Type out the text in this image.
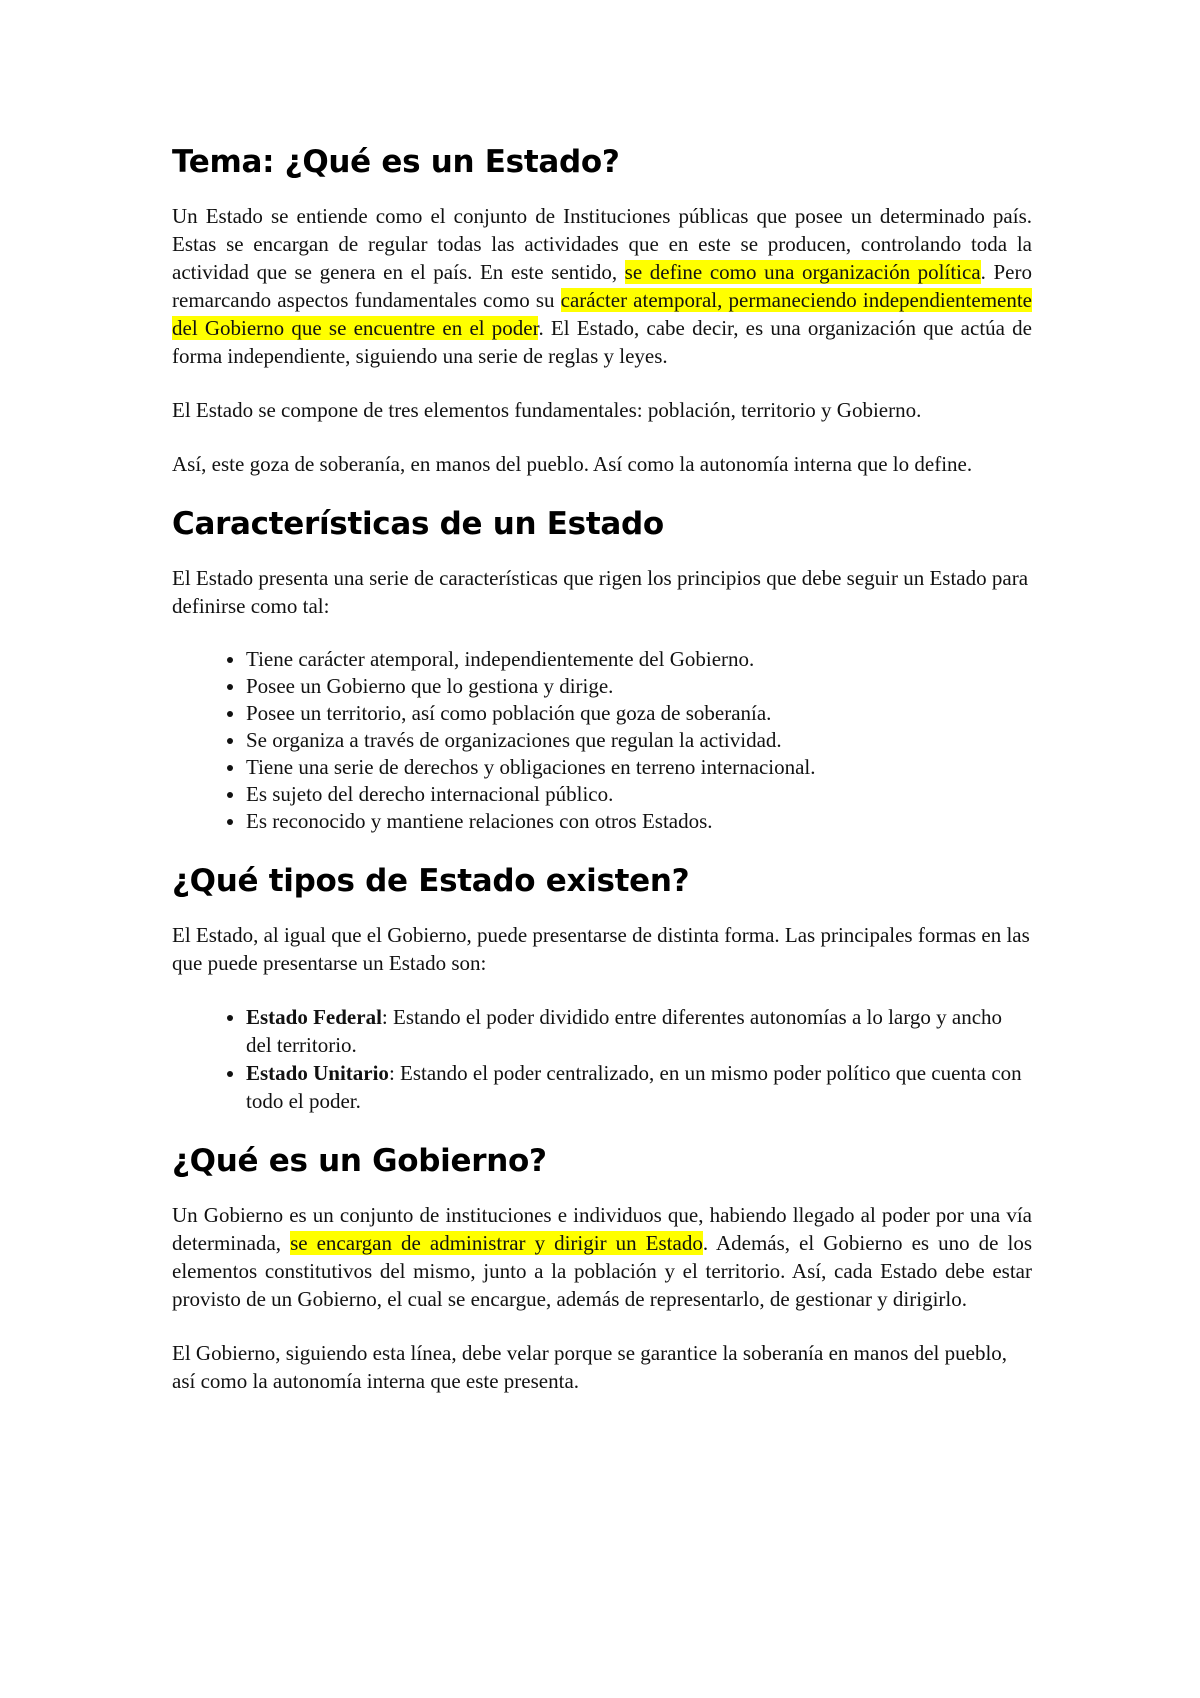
Tema: ¿Qué es un Estado?

Un Estado se entiende como el conjunto de Instituciones públicas que posee un determinado país. Estas se encargan de regular todas las actividades que en este se producen, controlando toda la actividad que se genera en el país. En este sentido, se define como una organización política. Pero remarcando aspectos fundamentales como su carácter atemporal, permaneciendo independientemente del Gobierno que se encuentre en el poder. El Estado, cabe decir, es una organización que actúa de forma independiente, siguiendo una serie de reglas y leyes.

El Estado se compone de tres elementos fundamentales: población, territorio y Gobierno.

Así, este goza de soberanía, en manos del pueblo. Así como la autonomía interna que lo define.

Características de un Estado

El Estado presenta una serie de características que rigen los principios que debe seguir un Estado para definirse como tal:

• Tiene carácter atemporal, independientemente del Gobierno.
• Posee un Gobierno que lo gestiona y dirige.
• Posee un territorio, así como población que goza de soberanía.
• Se organiza a través de organizaciones que regulan la actividad.
• Tiene una serie de derechos y obligaciones en terreno internacional.
• Es sujeto del derecho internacional público.
• Es reconocido y mantiene relaciones con otros Estados.
¿Qué tipos de Estado existen?

El Estado, al igual que el Gobierno, puede presentarse de distinta forma. Las principales formas en las que puede presentarse un Estado son:

• Estado Federal: Estando el poder dividido entre diferentes autonomías a lo largo y ancho del territorio.
• Estado Unitario: Estando el poder centralizado, en un mismo poder político que cuenta con todo el poder.
¿Qué es un Gobierno?

Un Gobierno es un conjunto de instituciones e individuos que, habiendo llegado al poder por una vía determinada, se encargan de administrar y dirigir un Estado. Además, el Gobierno es uno de los elementos constitutivos del mismo, junto a la población y el territorio. Así, cada Estado debe estar provisto de un Gobierno, el cual se encargue, además de representarlo, de gestionar y dirigirlo.

El Gobierno, siguiendo esta línea, debe velar porque se garantice la soberanía en manos del pueblo, así como la autonomía interna que este presenta.
